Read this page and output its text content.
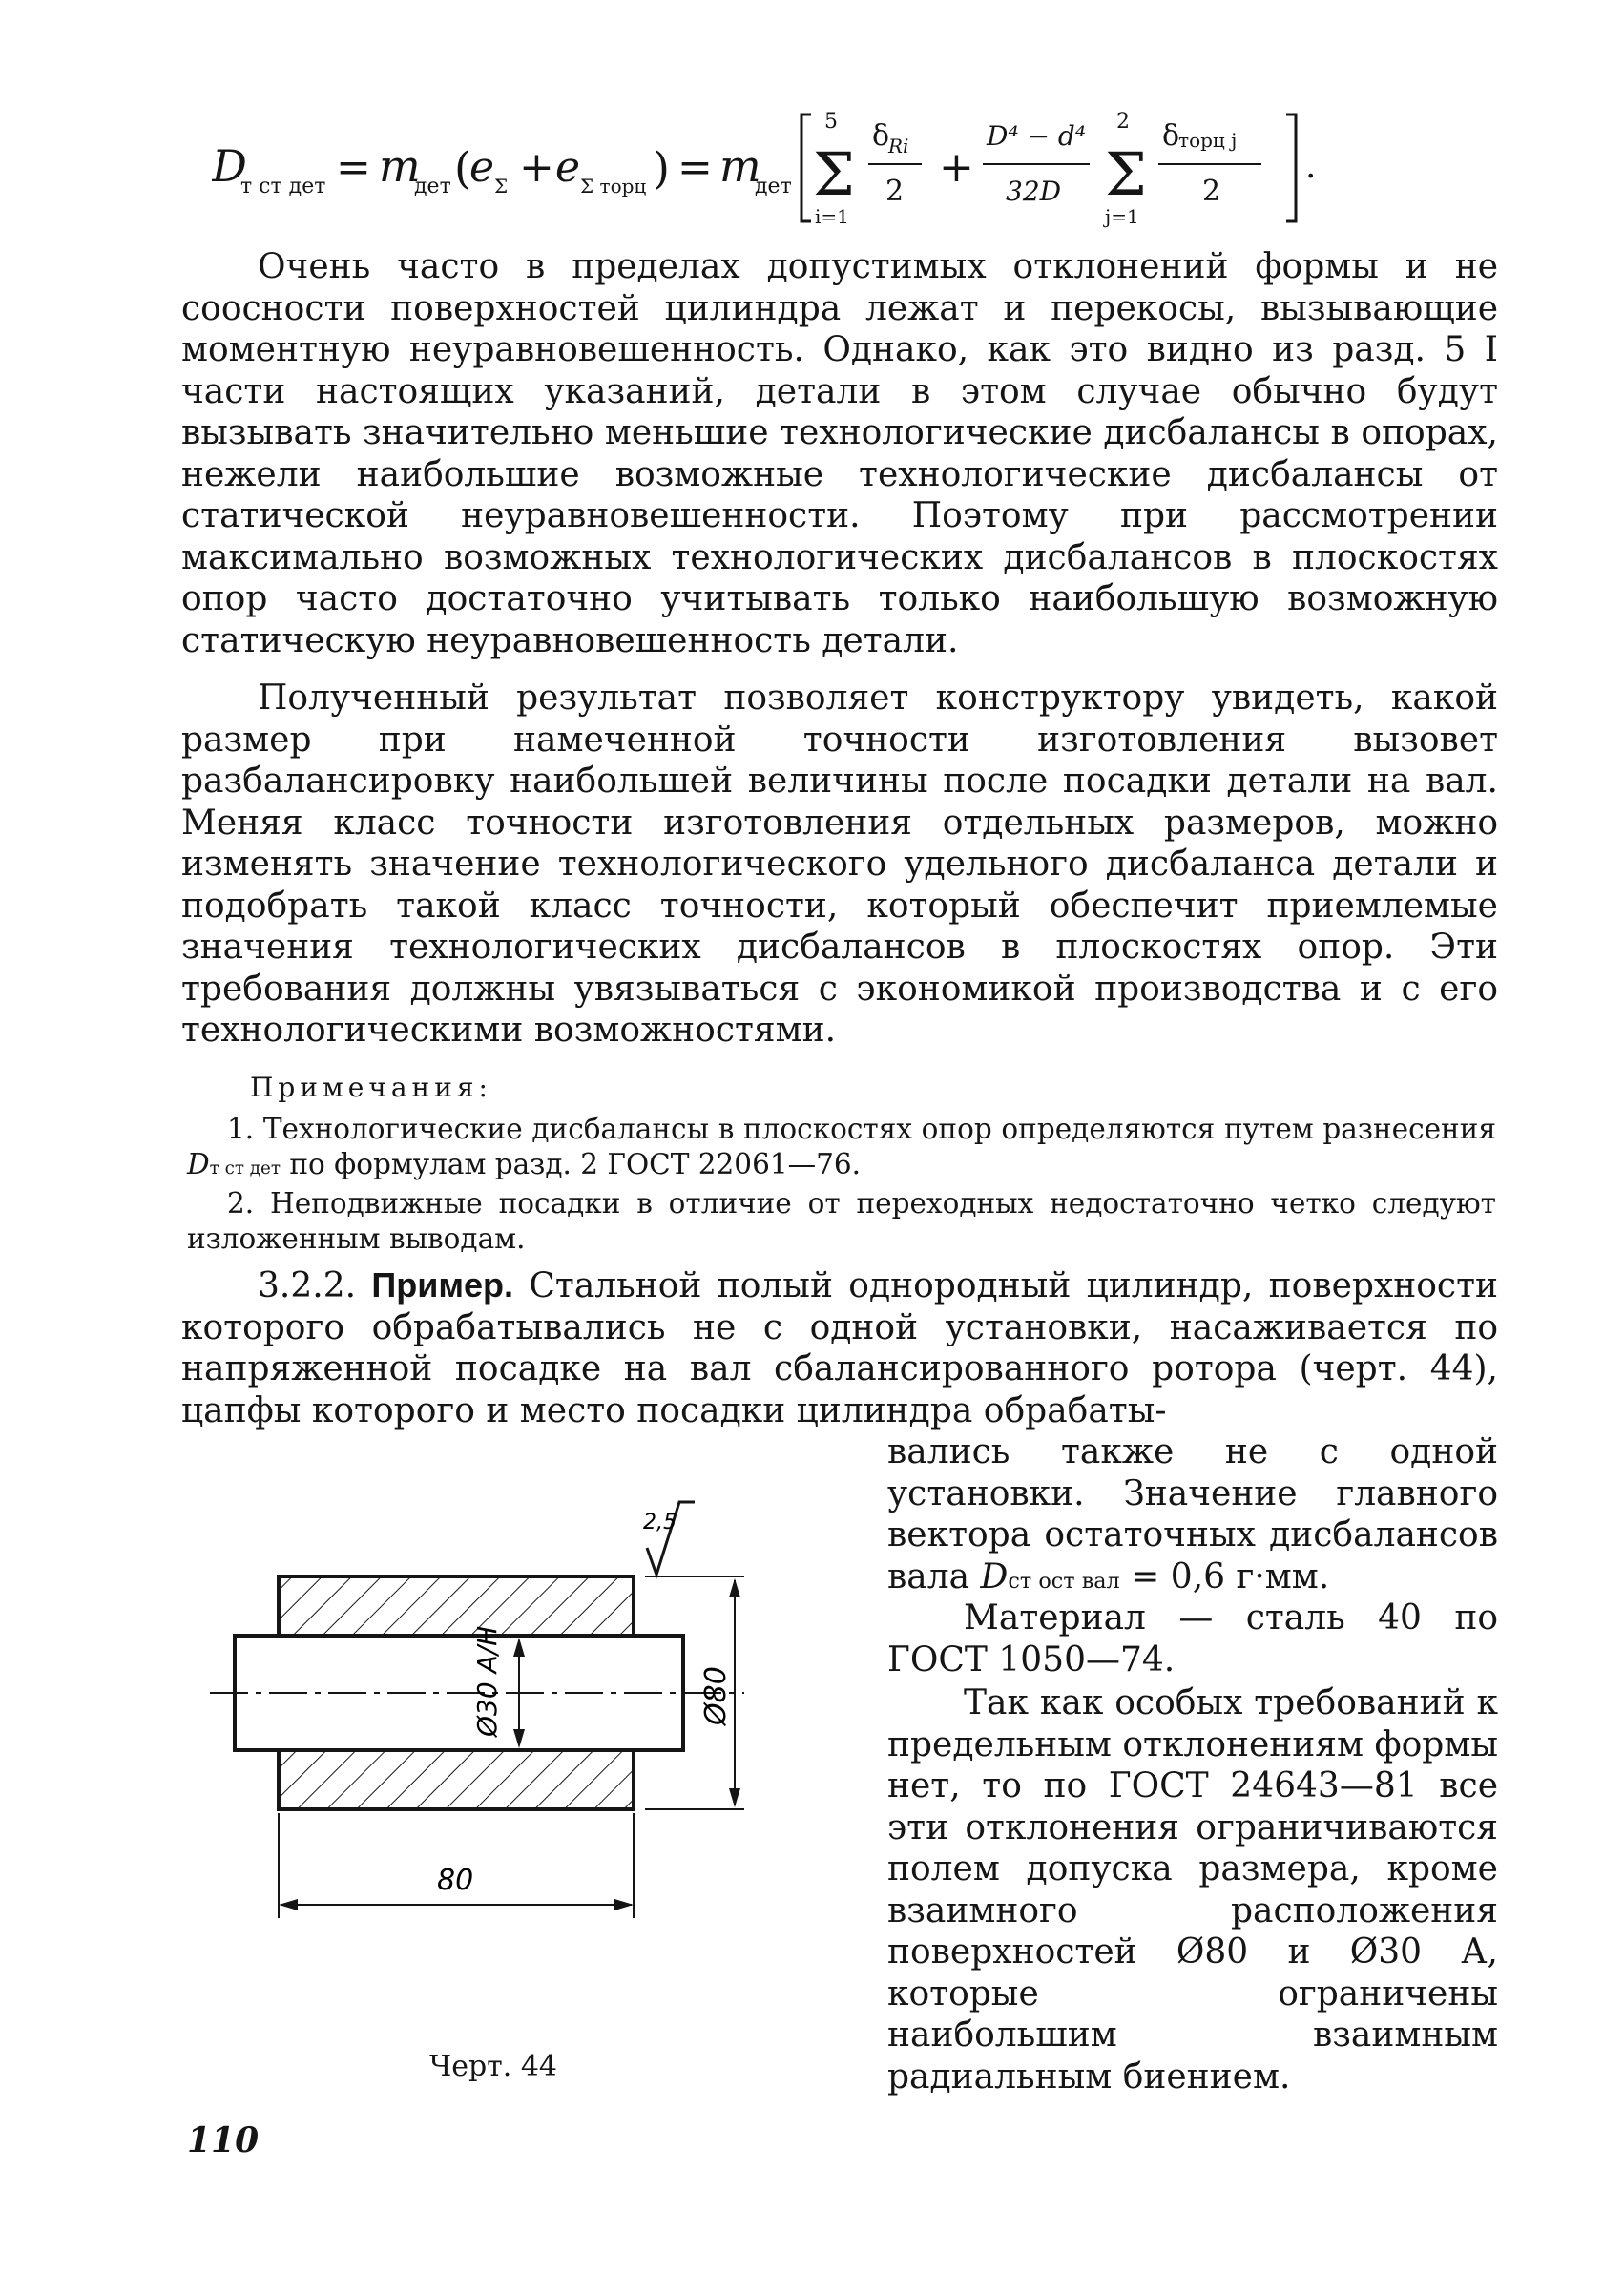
D
т ст дет = m
дет (
e Σ + e Σ торц ) = m
дет
5
Σ
i=1
δ
Ri
2 +
D⁴ − d⁴
32D
2
Σ
j=1
δ
торц j
2
.

Очень часто в пределах допустимых отклонений формы и не соосности поверхностей цилиндра лежат и перекосы, вызывающие моментную неуравновешенность. Однако, как это видно из разд. 5 I части настоящих указаний, детали в этом случае обычно будут вызывать значительно меньшие технологические дисбалансы в опорах, нежели наибольшие возможные технологические дисбалансы от статической неуравновешенности. Поэтому при рассмотрении максимально возможных технологических дисбалансов в плоскостях опор часто достаточно учитывать только наибольшую возможную статическую неуравновешенность детали.

Полученный результат позволяет конструктору увидеть, какой размер при намеченной точности изготовления вызовет разбалансировку наибольшей величины после посадки детали на вал. Меняя класс точности изготовления отдельных размеров, можно изменять значение технологического удельного дисбаланса детали и подобрать такой класс точности, который обеспечит приемлемые значения технологических дисбалансов в плоскостях опор. Эти требования должны увязываться с экономикой производства и с его технологическими возможностями.

Примечания:

1. Технологические дисбалансы в плоскостях опор определяются путем разнесения Dт ст дет по формулам разд. 2 ГОСТ 22061—76.

2. Неподвижные посадки в отличие от переходных недостаточно четко следуют изложенным выводам.

3.2.2. Пример. Стальной полый однородный цилиндр, поверхности которого обрабатывались не с одной установки, насаживается по напряженной посадке на вал сбалансированного ротора (черт. 44), цапфы которого и место посадки цилиндра обрабаты-

вались также не с одной установки. Значение главного вектора остаточных дисбалансов вала Dст ост вал = 0,6 г·мм.

Материал — сталь 40 по ГОСТ 1050—74.

Так как особых требований к предельным отклонениям формы нет, то по ГОСТ 24643—81 все эти отклонения ограничиваются полем допуска размера, кроме взаимного расположения поверхностей Ø80 и Ø30 А, которые ограничены наибольшим взаимным радиальным биением.

Ø30 A/H	Ø80
80
2,5
Черт. 44
110
